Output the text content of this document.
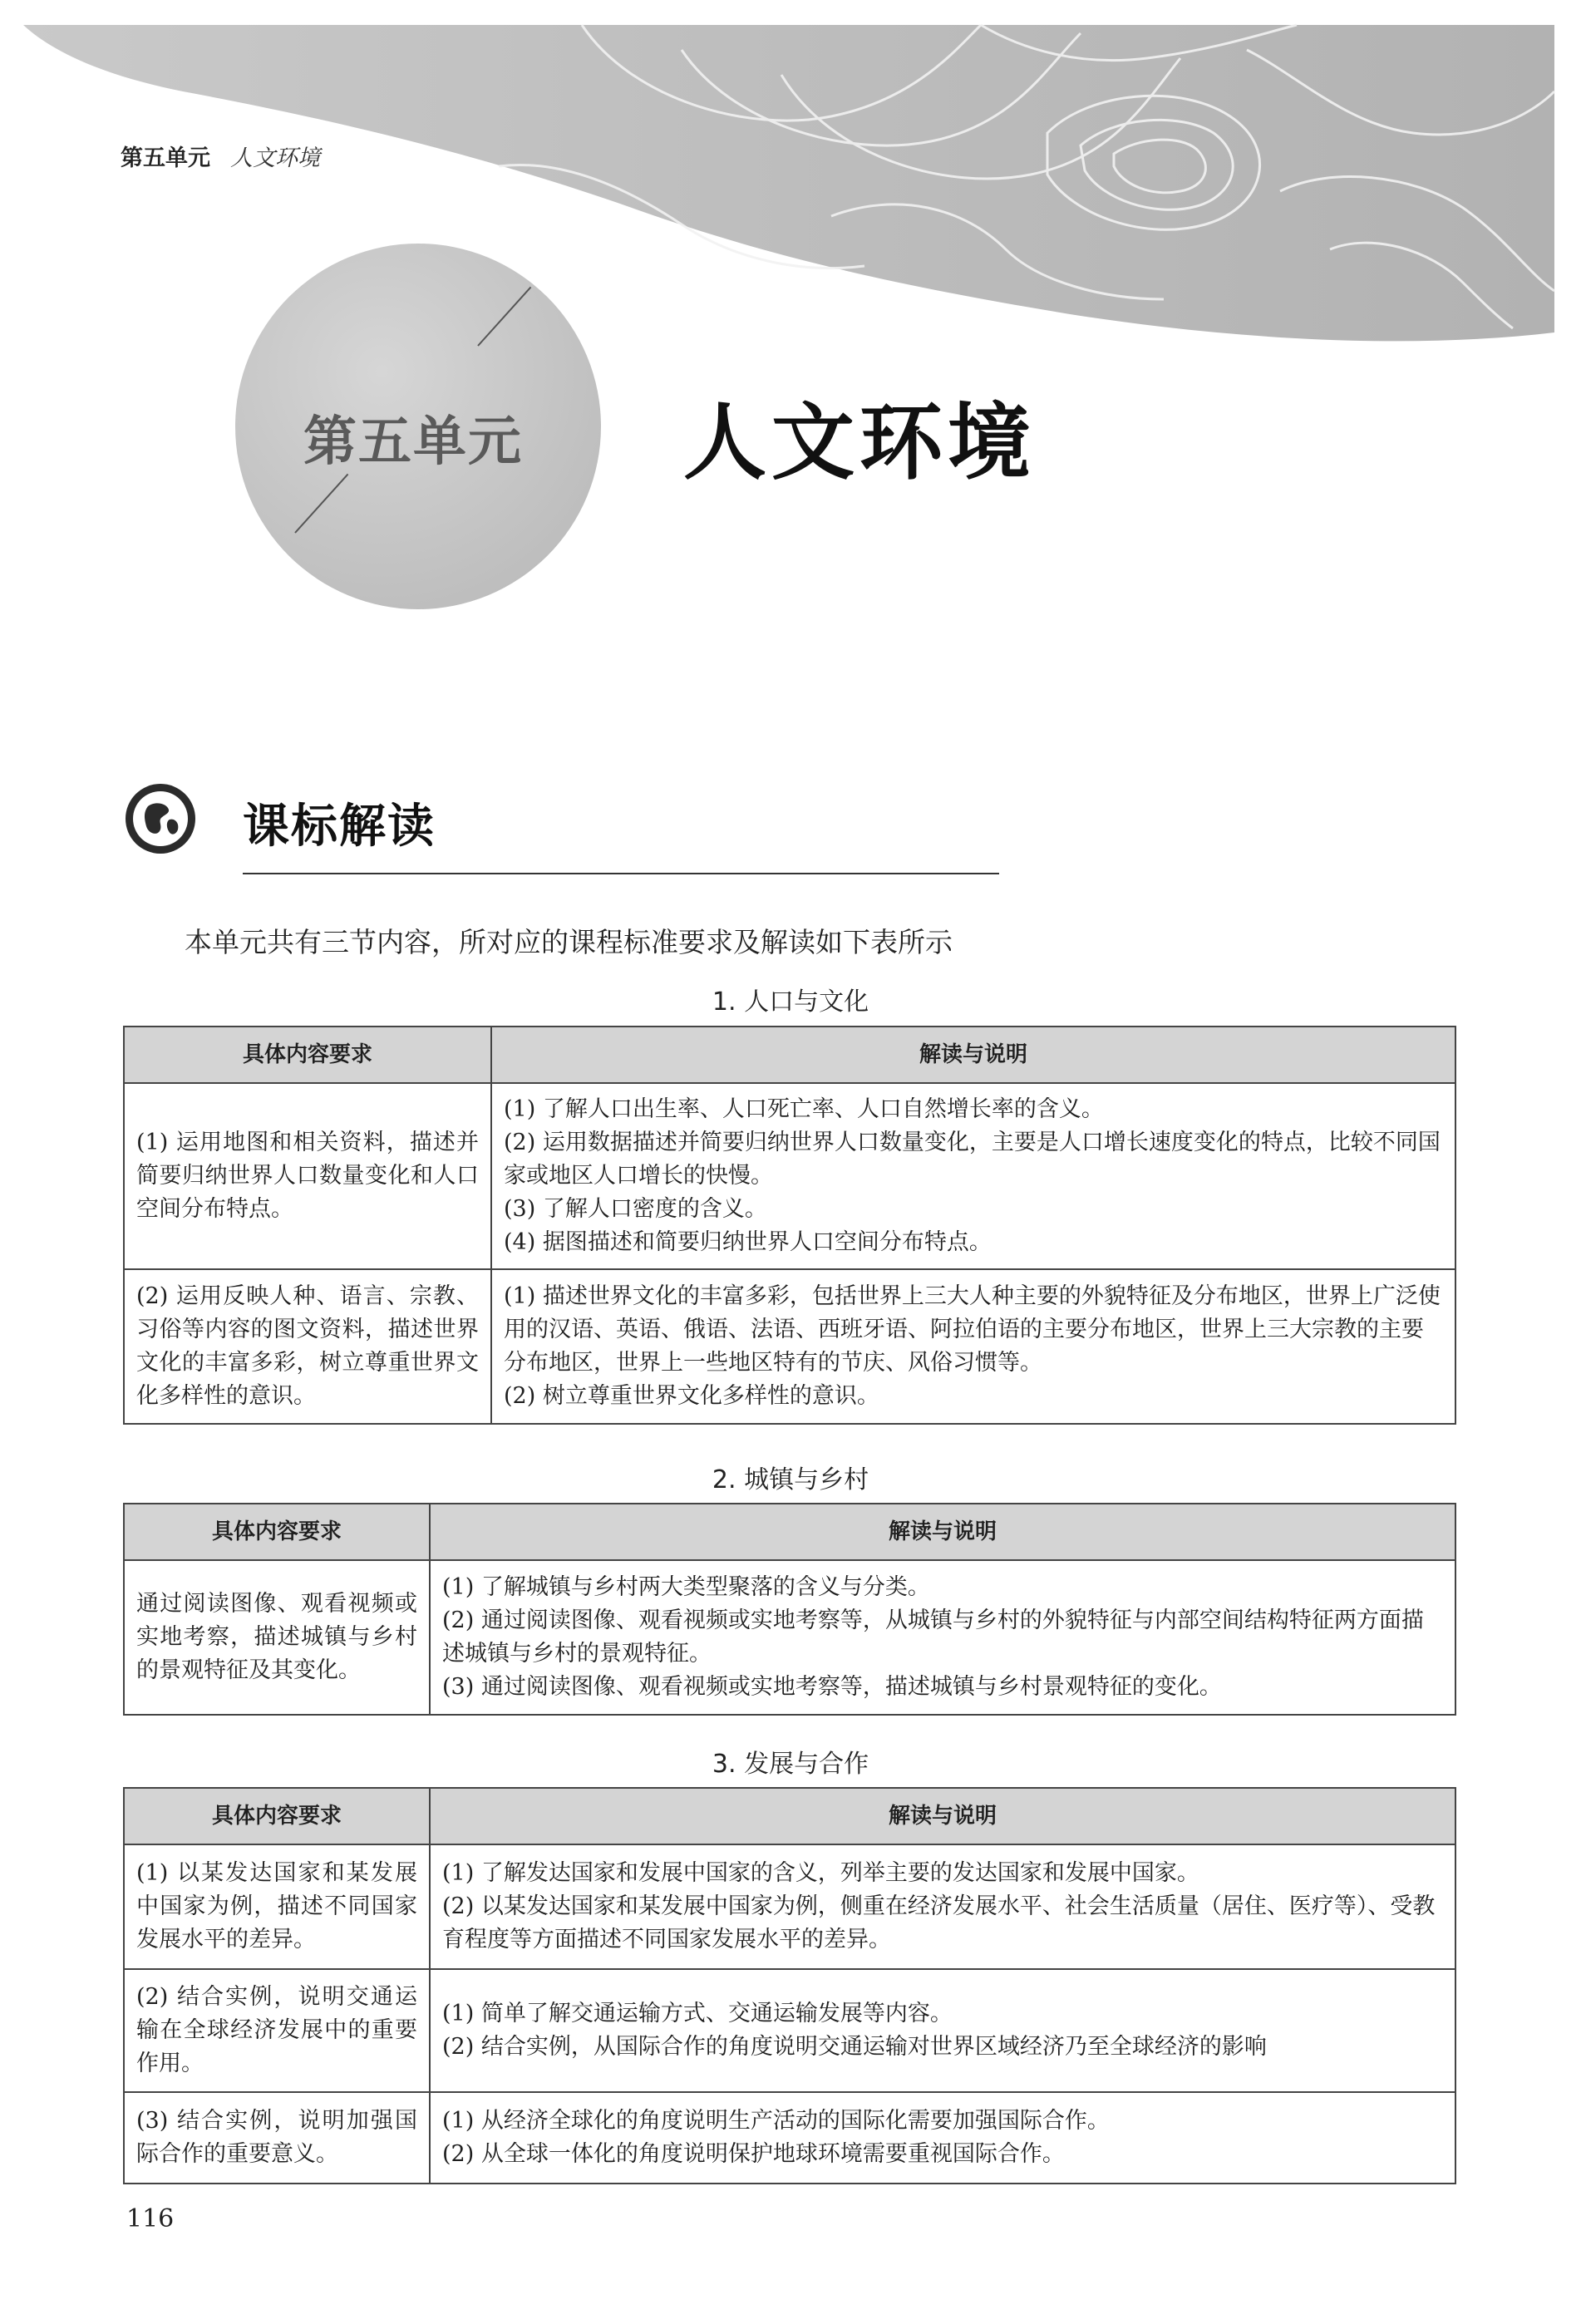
第五单元 人文环境
第五单元 人文环境
课标解读
本单元共有三节内容，所对应的课程标准要求及解读如下表所示
1. 人口与文化
具体内容要求	解读与说明
(1) 运用地图和相关资料，描述并简要归纳世界人口数量变化和人口空间分布特点。	(1) 了解人口出生率、人口死亡率、人口自然增长率的含义。
(2) 运用数据描述并简要归纳世界人口数量变化，主要是人口增长速度变化的特点，比较不同国家或地区人口增长的快慢。
(3) 了解人口密度的含义。
(4) 据图描述和简要归纳世界人口空间分布特点。

(2) 运用反映人种、语言、宗教、习俗等内容的图文资料，描述世界文化的丰富多彩，树立尊重世界文化多样性的意识。	(1) 描述世界文化的丰富多彩，包括世界上三大人种主要的外貌特征及分布地区，世界上广泛使用的汉语、英语、俄语、法语、西班牙语、阿拉伯语的主要分布地区，世界上三大宗教的主要分布地区，世界上一些地区特有的节庆、风俗习惯等。
(2) 树立尊重世界文化多样性的意识。
2. 城镇与乡村
具体内容要求	解读与说明
通过阅读图像、观看视频或实地考察，描述城镇与乡村的景观特征及其变化。	(1) 了解城镇与乡村两大类型聚落的含义与分类。
(2) 通过阅读图像、观看视频或实地考察等，从城镇与乡村的外貌特征与内部空间结构特征两方面描述城镇与乡村的景观特征。
(3) 通过阅读图像、观看视频或实地考察等，描述城镇与乡村景观特征的变化。
3. 发展与合作
具体内容要求	解读与说明
(1) 以某发达国家和某发展中国家为例，描述不同国家发展水平的差异。	(1) 了解发达国家和发展中国家的含义，列举主要的发达国家和发展中国家。
(2) 以某发达国家和某发展中国家为例，侧重在经济发展水平、社会生活质量（居住、医疗等）、受教育程度等方面描述不同国家发展水平的差异。

(2) 结合实例，说明交通运输在全球经济发展中的重要作用。	(1) 简单了解交通运输方式、交通运输发展等内容。
(2) 结合实例，从国际合作的角度说明交通运输对世界区域经济乃至全球经济的影响

(3) 结合实例，说明加强国际合作的重要意义。	(1) 从经济全球化的角度说明生产活动的国际化需要加强国际合作。
(2) 从全球一体化的角度说明保护地球环境需要重视国际合作。
116
